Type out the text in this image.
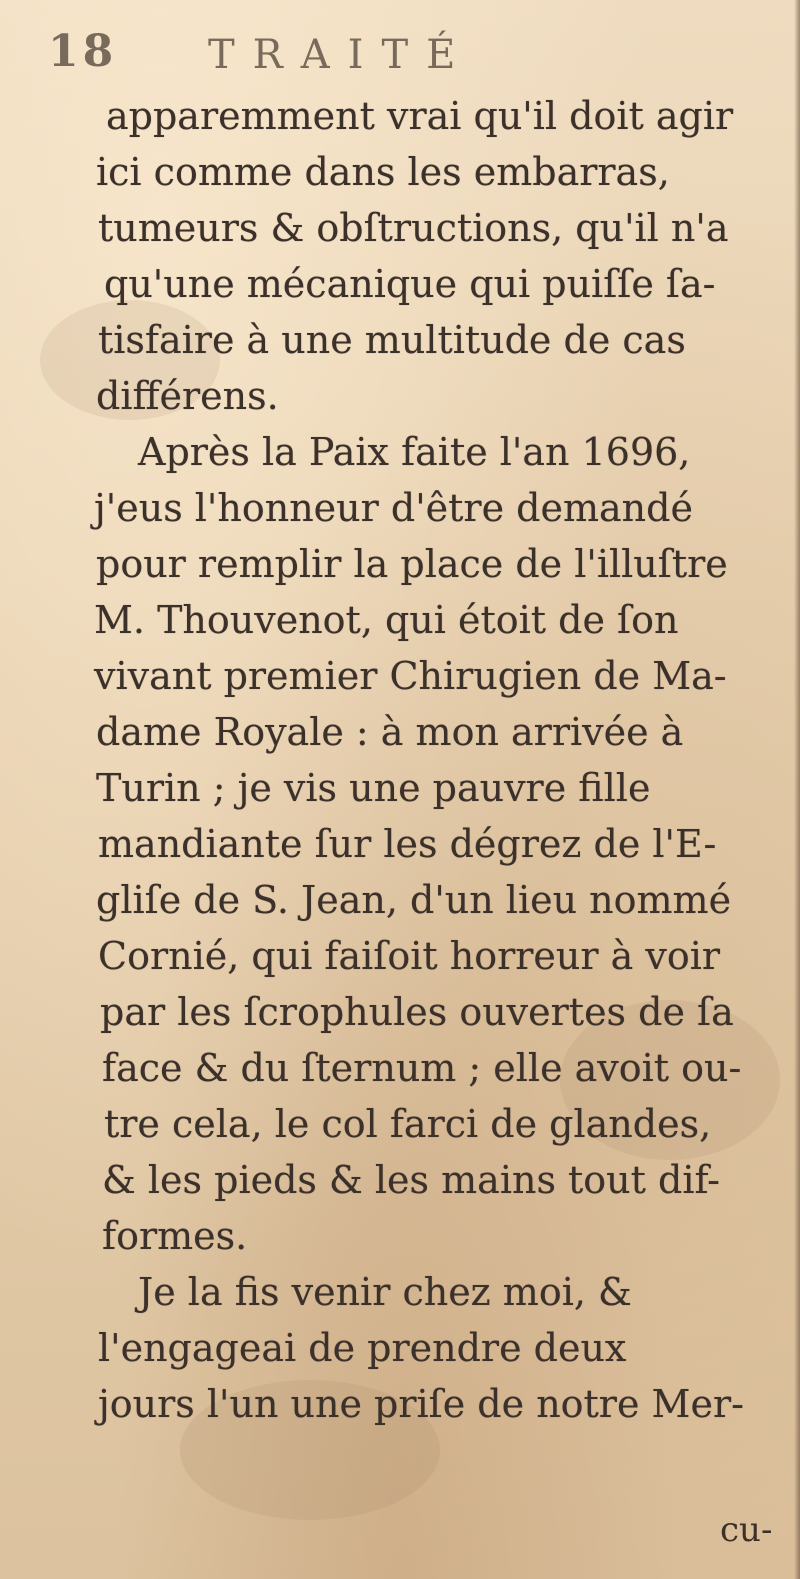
18 TRAITÉ
apparemment vrai qu'il doit agir
ici comme dans les embarras,
tumeurs & obſtructions, qu'il n'a
qu'une mécanique qui puiſſe ſa-
tisfaire à une multitude de cas
différens.
Après la Paix faite l'an 1696,
j'eus l'honneur d'être demandé
pour remplir la place de l'illuſtre
M. Thouvenot, qui étoit de ſon
vivant premier Chirugien de Ma-
dame Royale : à mon arrivée à
Turin ; je vis une pauvre fille
mandiante ſur les dégrez de l'E-
gliſe de S. Jean, d'un lieu nommé
Cornié, qui faiſoit horreur à voir
par les ſcrophules ouvertes de ſa
face & du ſternum ; elle avoit ou-
tre cela, le col farci de glandes,
& les pieds & les mains tout dif-
formes.
Je la fis venir chez moi, &
l'engageai de prendre deux
jours l'un une priſe de notre Mer-
cu-
